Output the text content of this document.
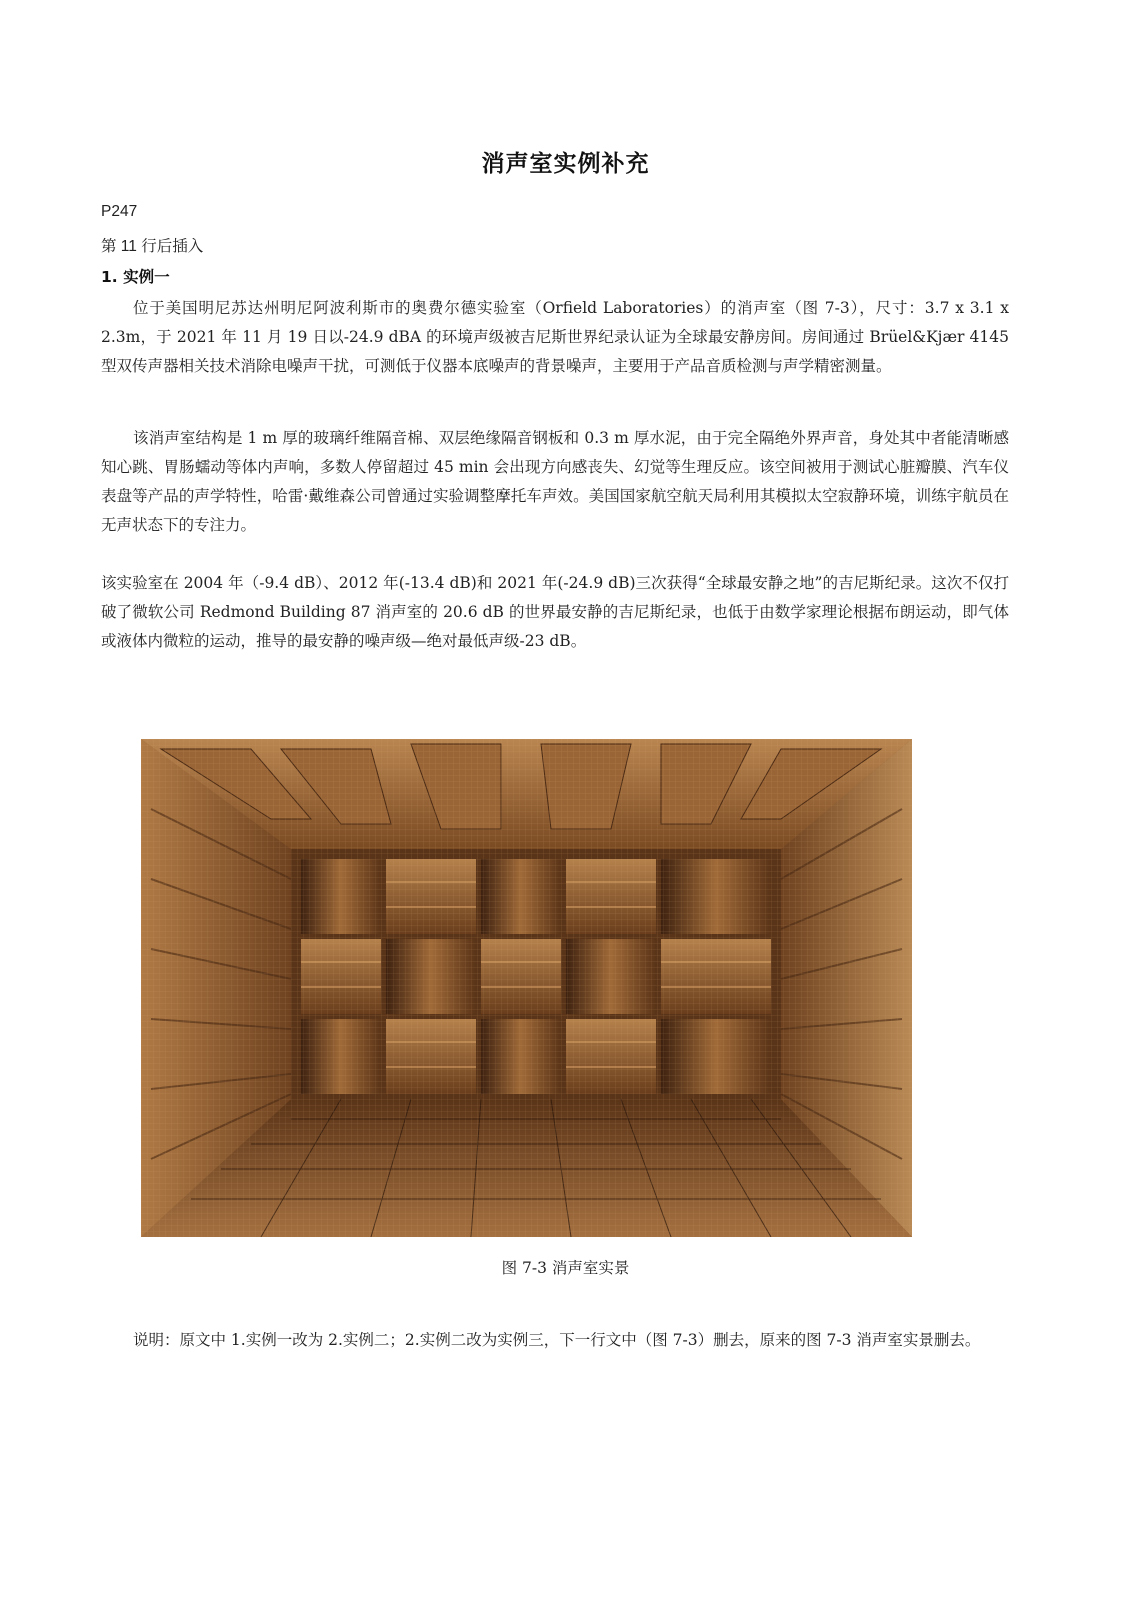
消声室实例补充
P247
第 11 行后插入
1. 实例一
位于美国明尼苏达州明尼阿波利斯市的奥费尔德实验室（Orfield Laboratories）的消声室（图 7-3），尺寸：3.7 x 3.1 x 2.3m，于 2021 年 11 月 19 日以-24.9 dBA 的环境声级被吉尼斯世界纪录认证为全球最安静房间。房间通过 Brüel&Kjær 4145 型双传声器相关技术消除电噪声干扰，可测低于仪器本底噪声的背景噪声，主要用于产品音质检测与声学精密测量。
该消声室结构是 1 m 厚的玻璃纤维隔音棉、双层绝缘隔音钢板和 0.3 m 厚水泥，由于完全隔绝外界声音，身处其中者能清晰感知心跳、胃肠蠕动等体内声响，多数人停留超过 45 min 会出现方向感丧失、幻觉等生理反应。该空间被用于测试心脏瓣膜、汽车仪表盘等产品的声学特性，哈雷·戴维森公司曾通过实验调整摩托车声效。美国国家航空航天局利用其模拟太空寂静环境，训练宇航员在无声状态下的专注力。
该实验室在 2004 年（-9.4 dB）、2012 年(-13.4 dB)和 2021 年(-24.9 dB)三次获得“全球最安静之地”的吉尼斯纪录。这次不仅打破了微软公司 Redmond Building 87 消声室的 20.6 dB 的世界最安静的吉尼斯纪录，也低于由数学家理论根据布朗运动，即气体或液体内微粒的运动，推导的最安静的噪声级—绝对最低声级-23 dB。
图 7-3 消声室实景
说明：原文中 1.实例一改为 2.实例二；2.实例二改为实例三，下一行文中（图 7-3）删去，原来的图 7-3 消声室实景删去。
